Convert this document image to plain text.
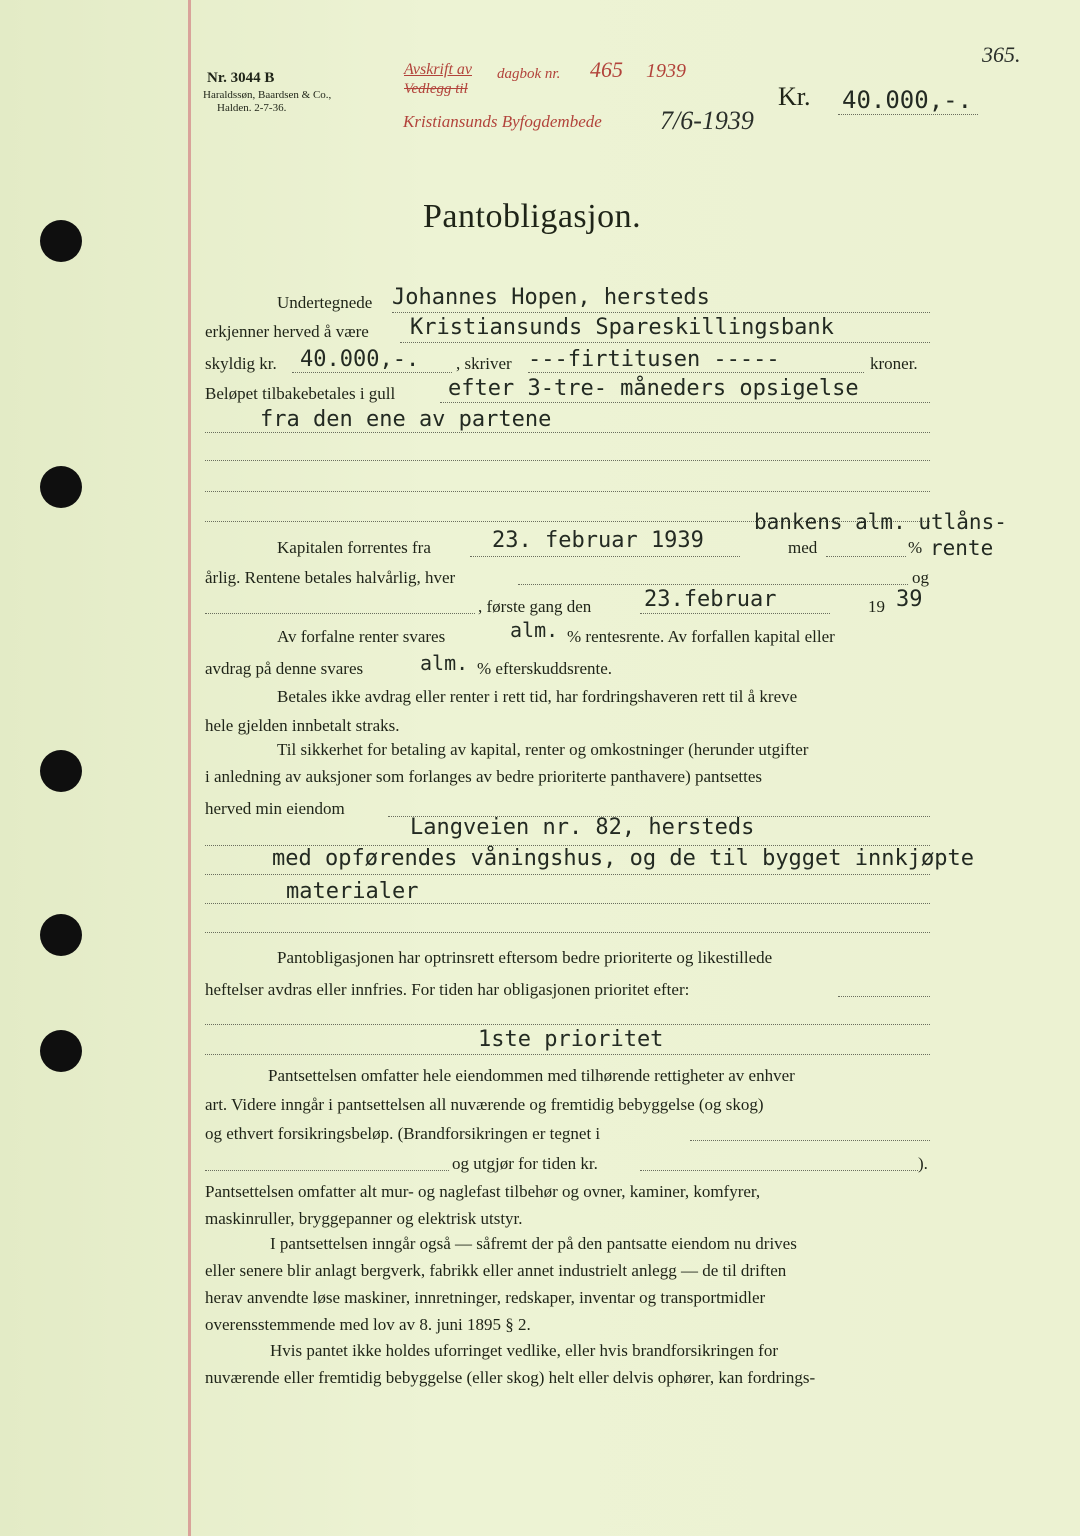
Nr. 3044 B
Haraldssøn, Baardsen & Co.,
Halden. 2-7-36.
Avskrift av
Vedlegg til
dagbok nr. 465 1939
Kristiansunds Byfogdembede 7/6-1939
Kr. 40.000,-.
365.
Pantobligasjon.
Undertegnede Johannes Hopen, hersteds
erkjenner herved å være Kristiansunds Spareskillingsbank
skyldig kr. 40.000,-. , skriver ---firtitusen -----	kroner.
Beløpet tilbakebetales i gull efter 3-tre- måneders opsigelse
fra den ene av partene
bankens alm. utlåns-
Kapitalen forrentes fra	23. februar 1939	med	% rente
årlig. Rentene betales halvårlig, hver	og
, første gang den 23.februar	19 39
Av forfalne renter svares	alm. % rentesrente. Av forfallen kapital eller
avdrag på denne svares	alm. % efterskuddsrente.
Betales ikke avdrag eller renter i rett tid, har fordringshaveren rett til å kreve
hele gjelden innbetalt straks.
Til sikkerhet for betaling av kapital, renter og omkostninger (herunder utgifter
i anledning av auksjoner som forlanges av bedre prioriterte panthavere) pantsettes
herved min eiendom
Langveien nr. 82, hersteds
med opførendes våningshus, og de til bygget innkjøpte
materialer
Pantobligasjonen har optrinsrett eftersom bedre prioriterte og likestillede
heftelser avdras eller innfries. For tiden har obligasjonen prioritet efter:
1ste prioritet
Pantsettelsen omfatter hele eiendommen med tilhørende rettigheter av enhver
art. Videre inngår i pantsettelsen all nuværende og fremtidig bebyggelse (og skog)
og ethvert forsikringsbeløp. (Brandforsikringen er tegnet i
og utgjør for tiden kr.	).
Pantsettelsen omfatter alt mur- og naglefast tilbehør og ovner, kaminer, komfyrer,
maskinruller, bryggepanner og elektrisk utstyr.
I pantsettelsen inngår også — såfremt der på den pantsatte eiendom nu drives
eller senere blir anlagt bergverk, fabrikk eller annet industrielt anlegg — de til driften
herav anvendte løse maskiner, innretninger, redskaper, inventar og transportmidler
overensstemmende med lov av 8. juni 1895 § 2.
Hvis pantet ikke holdes uforringet vedlike, eller hvis brandforsikringen for
nuværende eller fremtidig bebyggelse (eller skog) helt eller delvis ophører, kan fordrings-
